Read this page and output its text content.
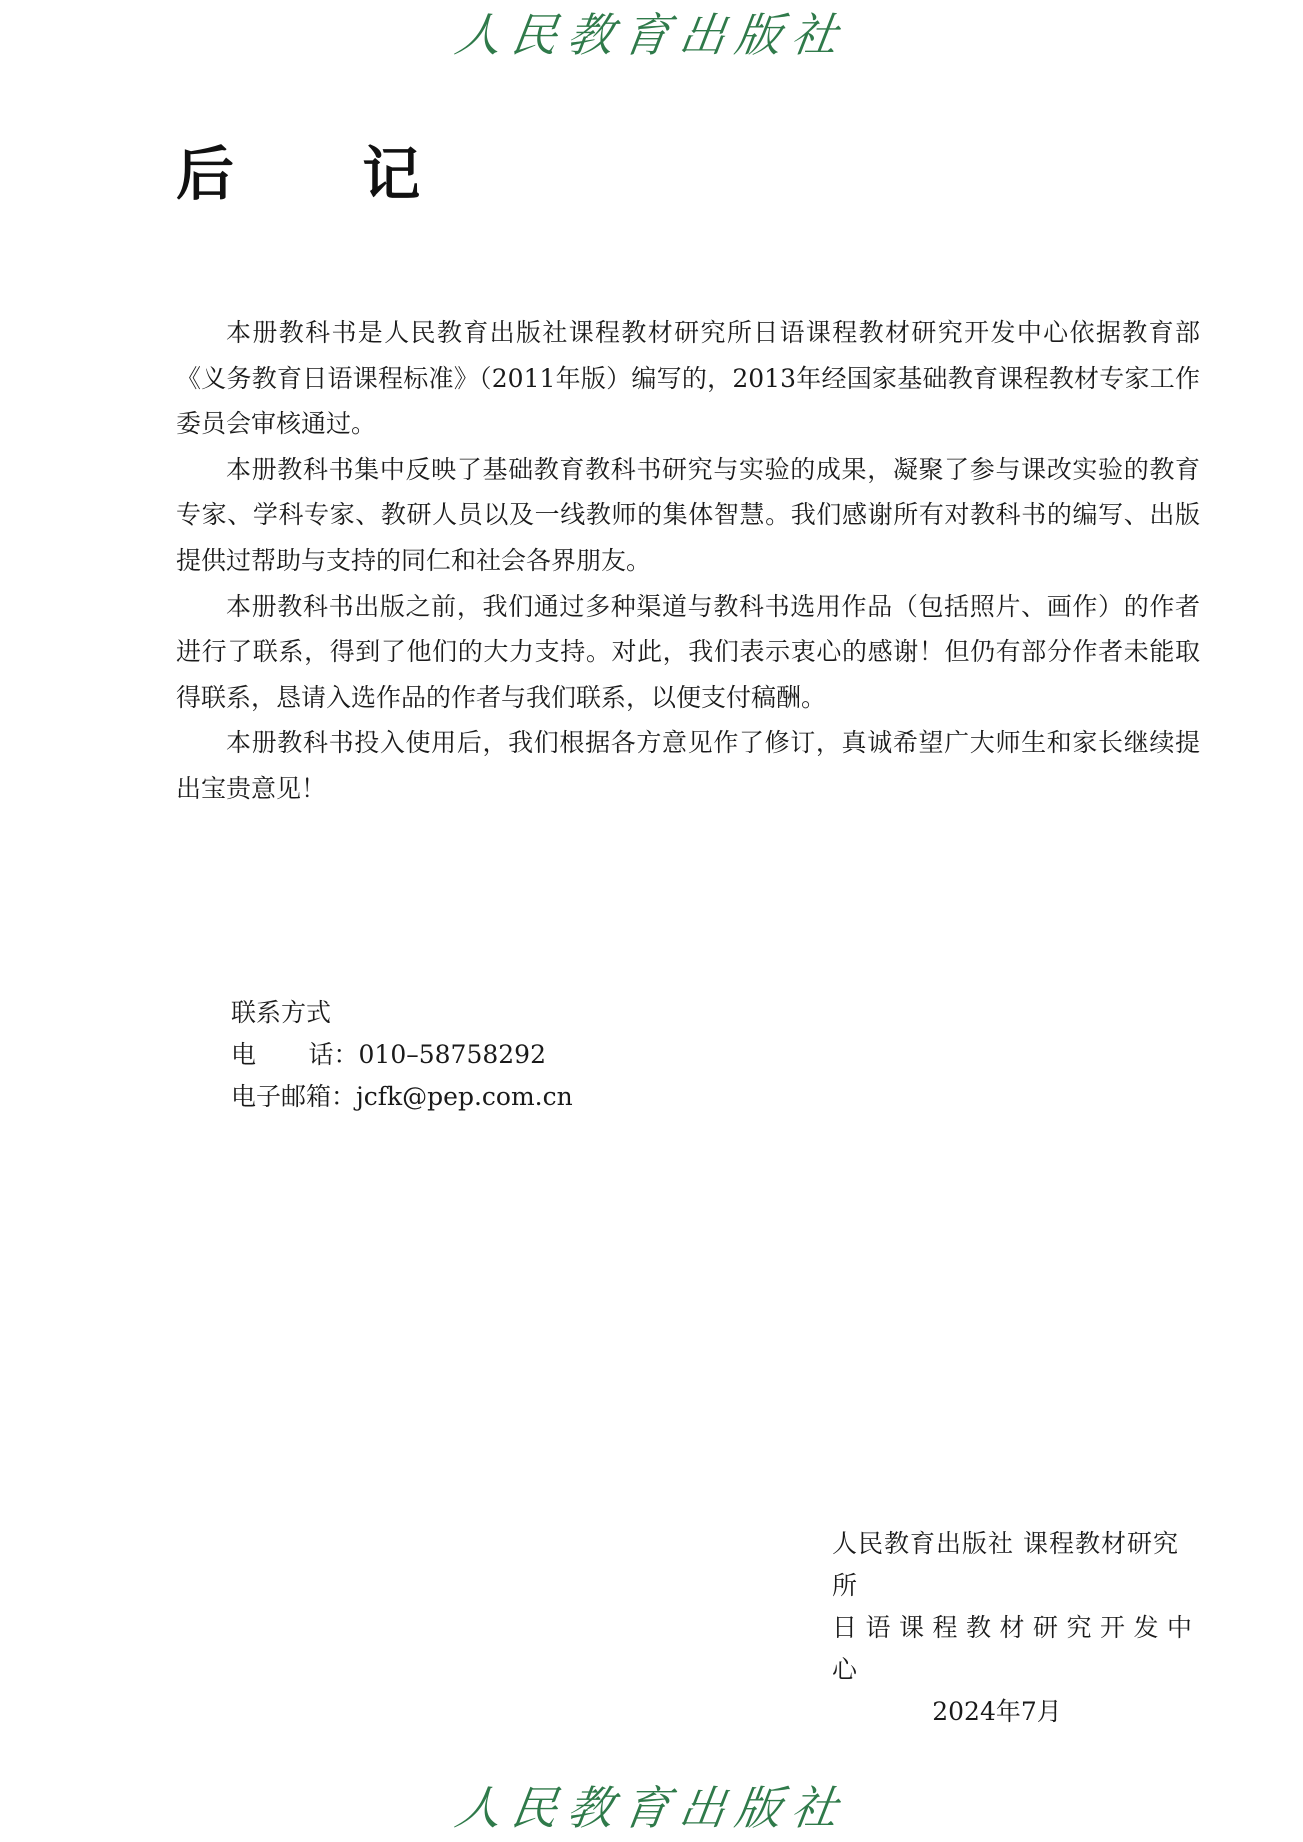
人民教育出版社
后 记

本册教科书是人民教育出版社课程教材研究所日语课程教材研究开发中心依据教育部《义务教育日语课程标准》（2011年版）编写的，2013年经国家基础教育课程教材专家工作委员会审核通过。

本册教科书集中反映了基础教育教科书研究与实验的成果，凝聚了参与课改实验的教育专家、学科专家、教研人员以及一线教师的集体智慧。我们感谢所有对教科书的编写、出版提供过帮助与支持的同仁和社会各界朋友。

本册教科书出版之前，我们通过多种渠道与教科书选用作品（包括照片、画作）的作者进行了联系，得到了他们的大力支持。对此，我们表示衷心的感谢！但仍有部分作者未能取得联系，恳请入选作品的作者与我们联系，以便支付稿酬。

本册教科书投入使用后，我们根据各方意见作了修订，真诚希望广大师生和家长继续提出宝贵意见！

联系方式
电话：010–58758292
电子邮箱：jcfk@pep.com.cn
人民教育出版社 课程教材研究所
日语课程教材研究开发中心
2024年7月
人民教育出版社
